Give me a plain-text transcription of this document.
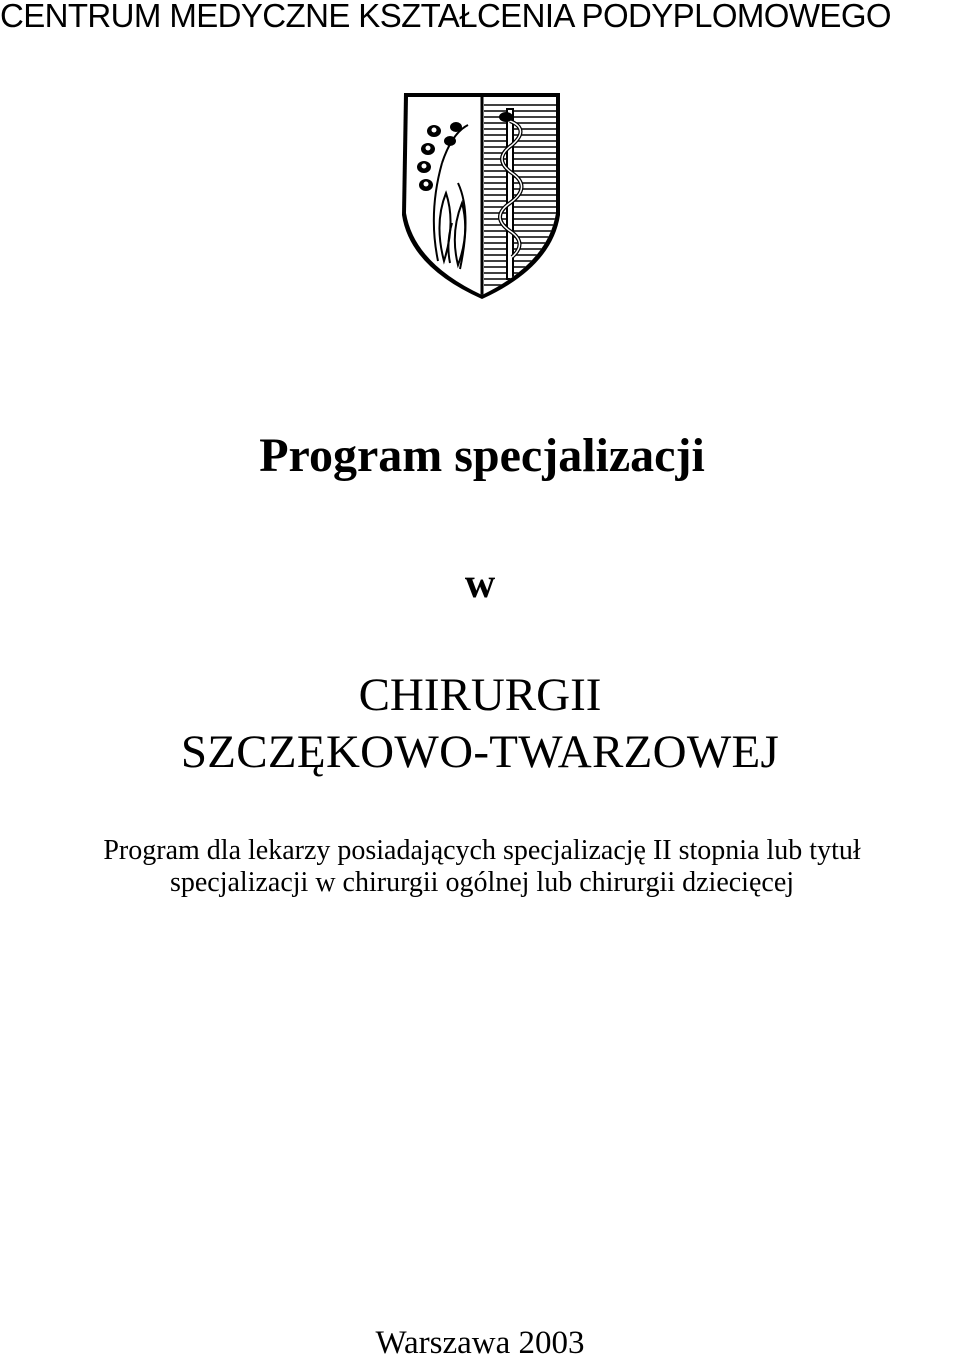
CENTRUM MEDYCZNE KSZTAŁCENIA PODYPLOMOWEGO
Program specjalizacji
w
CHIRURGII
SZCZĘKOWO-TWARZOWEJ
Program dla lekarzy posiadających specjalizację II stopnia lub tytuł
specjalizacji w chirurgii ogólnej lub chirurgii dziecięcej
Warszawa 2003
